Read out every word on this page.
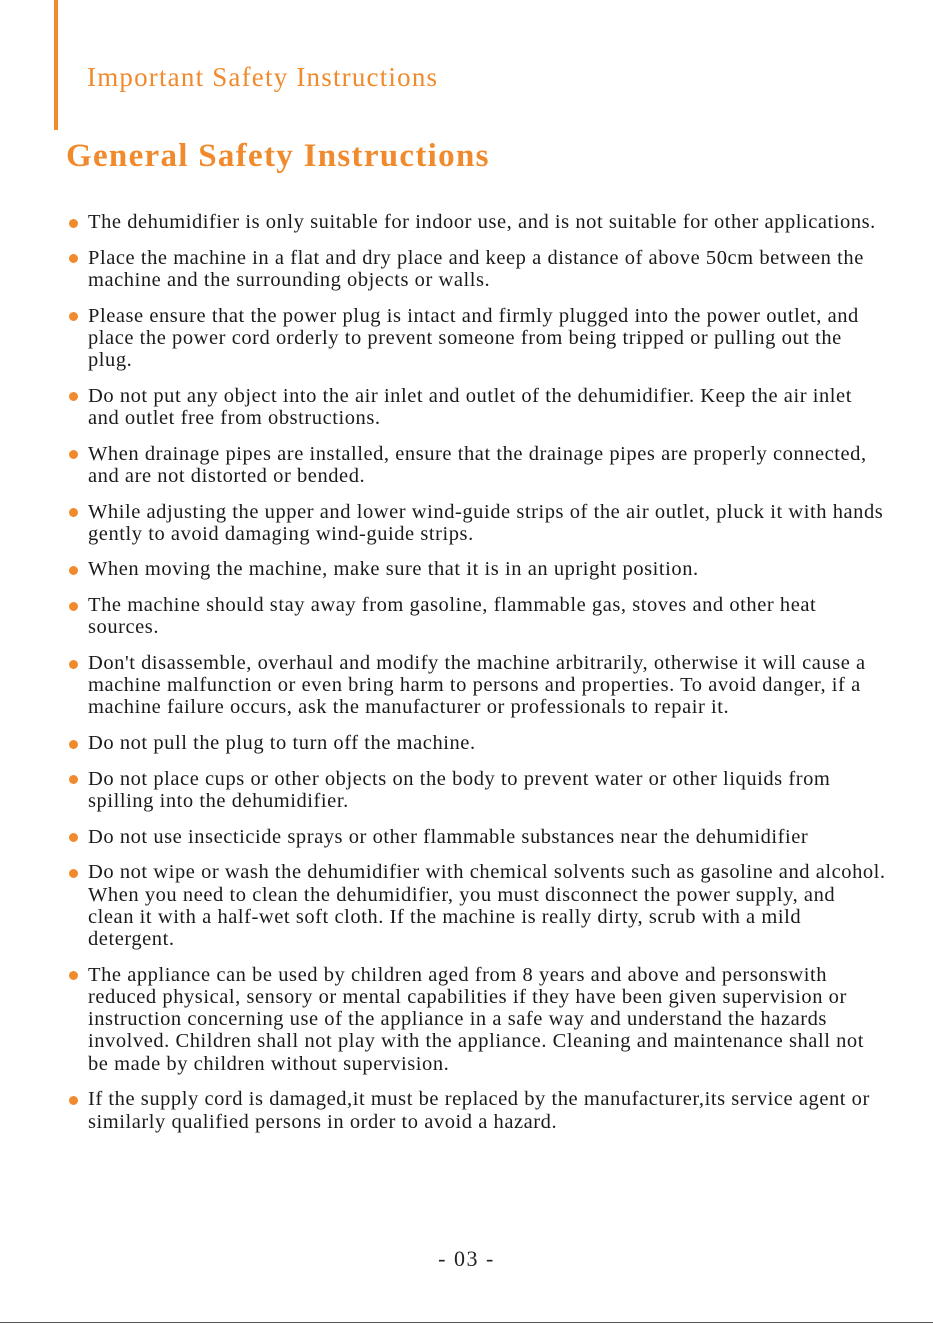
Important Safety Instructions
General Safety Instructions
The dehumidifier is only suitable for indoor use, and is not suitable for other applications.
Place the machine in a flat and dry place and keep a distance of above 50cm between the machine and the surrounding objects or walls.
Please ensure that the power plug is intact and firmly plugged into the power outlet, and place the power cord orderly to prevent someone from being tripped or pulling out the plug.
Do not put any object into the air inlet and outlet of the dehumidifier. Keep the air inlet and outlet free from obstructions.
When drainage pipes are installed, ensure that the drainage pipes are properly connected, and are not distorted or bended.
While adjusting the upper and lower wind-guide strips of the air outlet, pluck it with hands gently to avoid damaging wind-guide strips.
When moving the machine, make sure that it is in an upright position.
The machine should stay away from gasoline, flammable gas, stoves and other heat sources.
Don't disassemble, overhaul and modify the machine arbitrarily, otherwise it will cause a machine malfunction or even bring harm to persons and properties. To avoid danger, if a machine failure occurs, ask the manufacturer or professionals to repair it.
Do not pull the plug to turn off the machine.
Do not place cups or other objects on the body to prevent water or other liquids from spilling into the dehumidifier.
Do not use insecticide sprays or other flammable substances near the dehumidifier
Do not wipe or wash the dehumidifier with chemical solvents such as gasoline and alcohol. When you need to clean the dehumidifier, you must disconnect the power supply, and clean it with a half-wet soft cloth. If the machine is really dirty, scrub with a mild detergent.
The appliance can be used by children aged from 8 years and above and personswith reduced physical, sensory or mental capabilities if they have been given supervision or instruction concerning use of the appliance in a safe way and understand the hazards involved. Children shall not play with the appliance. Cleaning and maintenance shall not be made by children without supervision.
If the supply cord is damaged,it must be replaced by the manufacturer,its service agent or similarly qualified persons in order to avoid a hazard.
- 03 -
